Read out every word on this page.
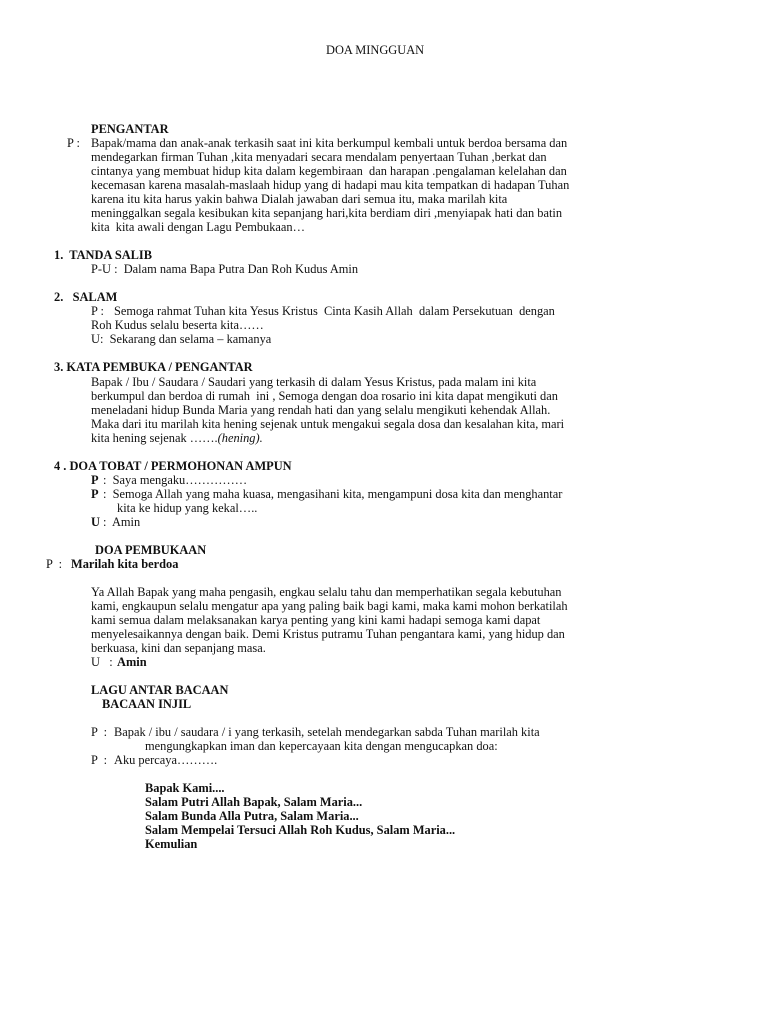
DOA MINGGUAN
PENGANTAR
P : Bapak/mama dan anak-anak terkasih saat ini kita berkumpul kembali untuk berdoa bersama dan
mendegarkan firman Tuhan ,kita menyadari secara mendalam penyertaan Tuhan ,berkat dan
cintanya yang membuat hidup kita dalam kegembiraan  dan harapan .pengalaman kelelahan dan
kecemasan karena masalah-maslaah hidup yang di hadapi mau kita tempatkan di hadapan Tuhan
karena itu kita harus yakin bahwa Dialah jawaban dari semua itu, maka marilah kita
meninggalkan segala kesibukan kita sepanjang hari,kita berdiam diri ,menyiapak hati dan batin
kita  kita awali dengan Lagu Pembukaan…
1.  TANDA SALIB
P-U :  Dalam nama Bapa Putra Dan Roh Kudus Amin
2.   SALAM
P : Semoga rahmat Tuhan kita Yesus Kristus  Cinta Kasih Allah  dalam Persekutuan  dengan
Roh Kudus selalu beserta kita……
U:  Sekarang dan selama – kamanya
3. KATA PEMBUKA / PENGANTAR
Bapak / Ibu / Saudara / Saudari yang terkasih di dalam Yesus Kristus, pada malam ini kita
berkumpul dan berdoa di rumah  ini , Semoga dengan doa rosario ini kita dapat mengikuti dan
meneladani hidup Bunda Maria yang rendah hati dan yang selalu mengikuti kehendak Allah.
Maka dari itu marilah kita hening sejenak untuk mengakui segala dosa dan kesalahan kita, mari
kita hening sejenak …….(hening).
4 . DOA TOBAT / PERMOHONAN AMPUN
P :  Saya mengaku……………
P :  Semoga Allah yang maha kuasa, mengasihani kita, mengampuni dosa kita dan menghantar
kita ke hidup yang kekal…..
U :  Amin
DOA PEMBUKAAN
P  : Marilah kita berdoa
Ya Allah Bapak yang maha pengasih, engkau selalu tahu dan memperhatikan segala kebutuhan
kami, engkaupun selalu mengatur apa yang paling baik bagi kami, maka kami mohon berkatilah
kami semua dalam melaksanakan karya penting yang kini kami hadapi semoga kami dapat
menyelesaikannya dengan baik. Demi Kristus putramu Tuhan pengantara kami, yang hidup dan
berkuasa, kini dan sepanjang masa.
U   : Amin
LAGU ANTAR BACAAN
BACAAN INJIL
P  : Bapak / ibu / saudara / i yang terkasih, setelah mendegarkan sabda Tuhan marilah kita
mengungkapkan iman dan kepercayaan kita dengan mengucapkan doa:
P  : Aku percaya……….
Bapak Kami....
Salam Putri Allah Bapak, Salam Maria...
Salam Bunda Alla Putra, Salam Maria...
Salam Mempelai Tersuci Allah Roh Kudus, Salam Maria...
Kemulian
